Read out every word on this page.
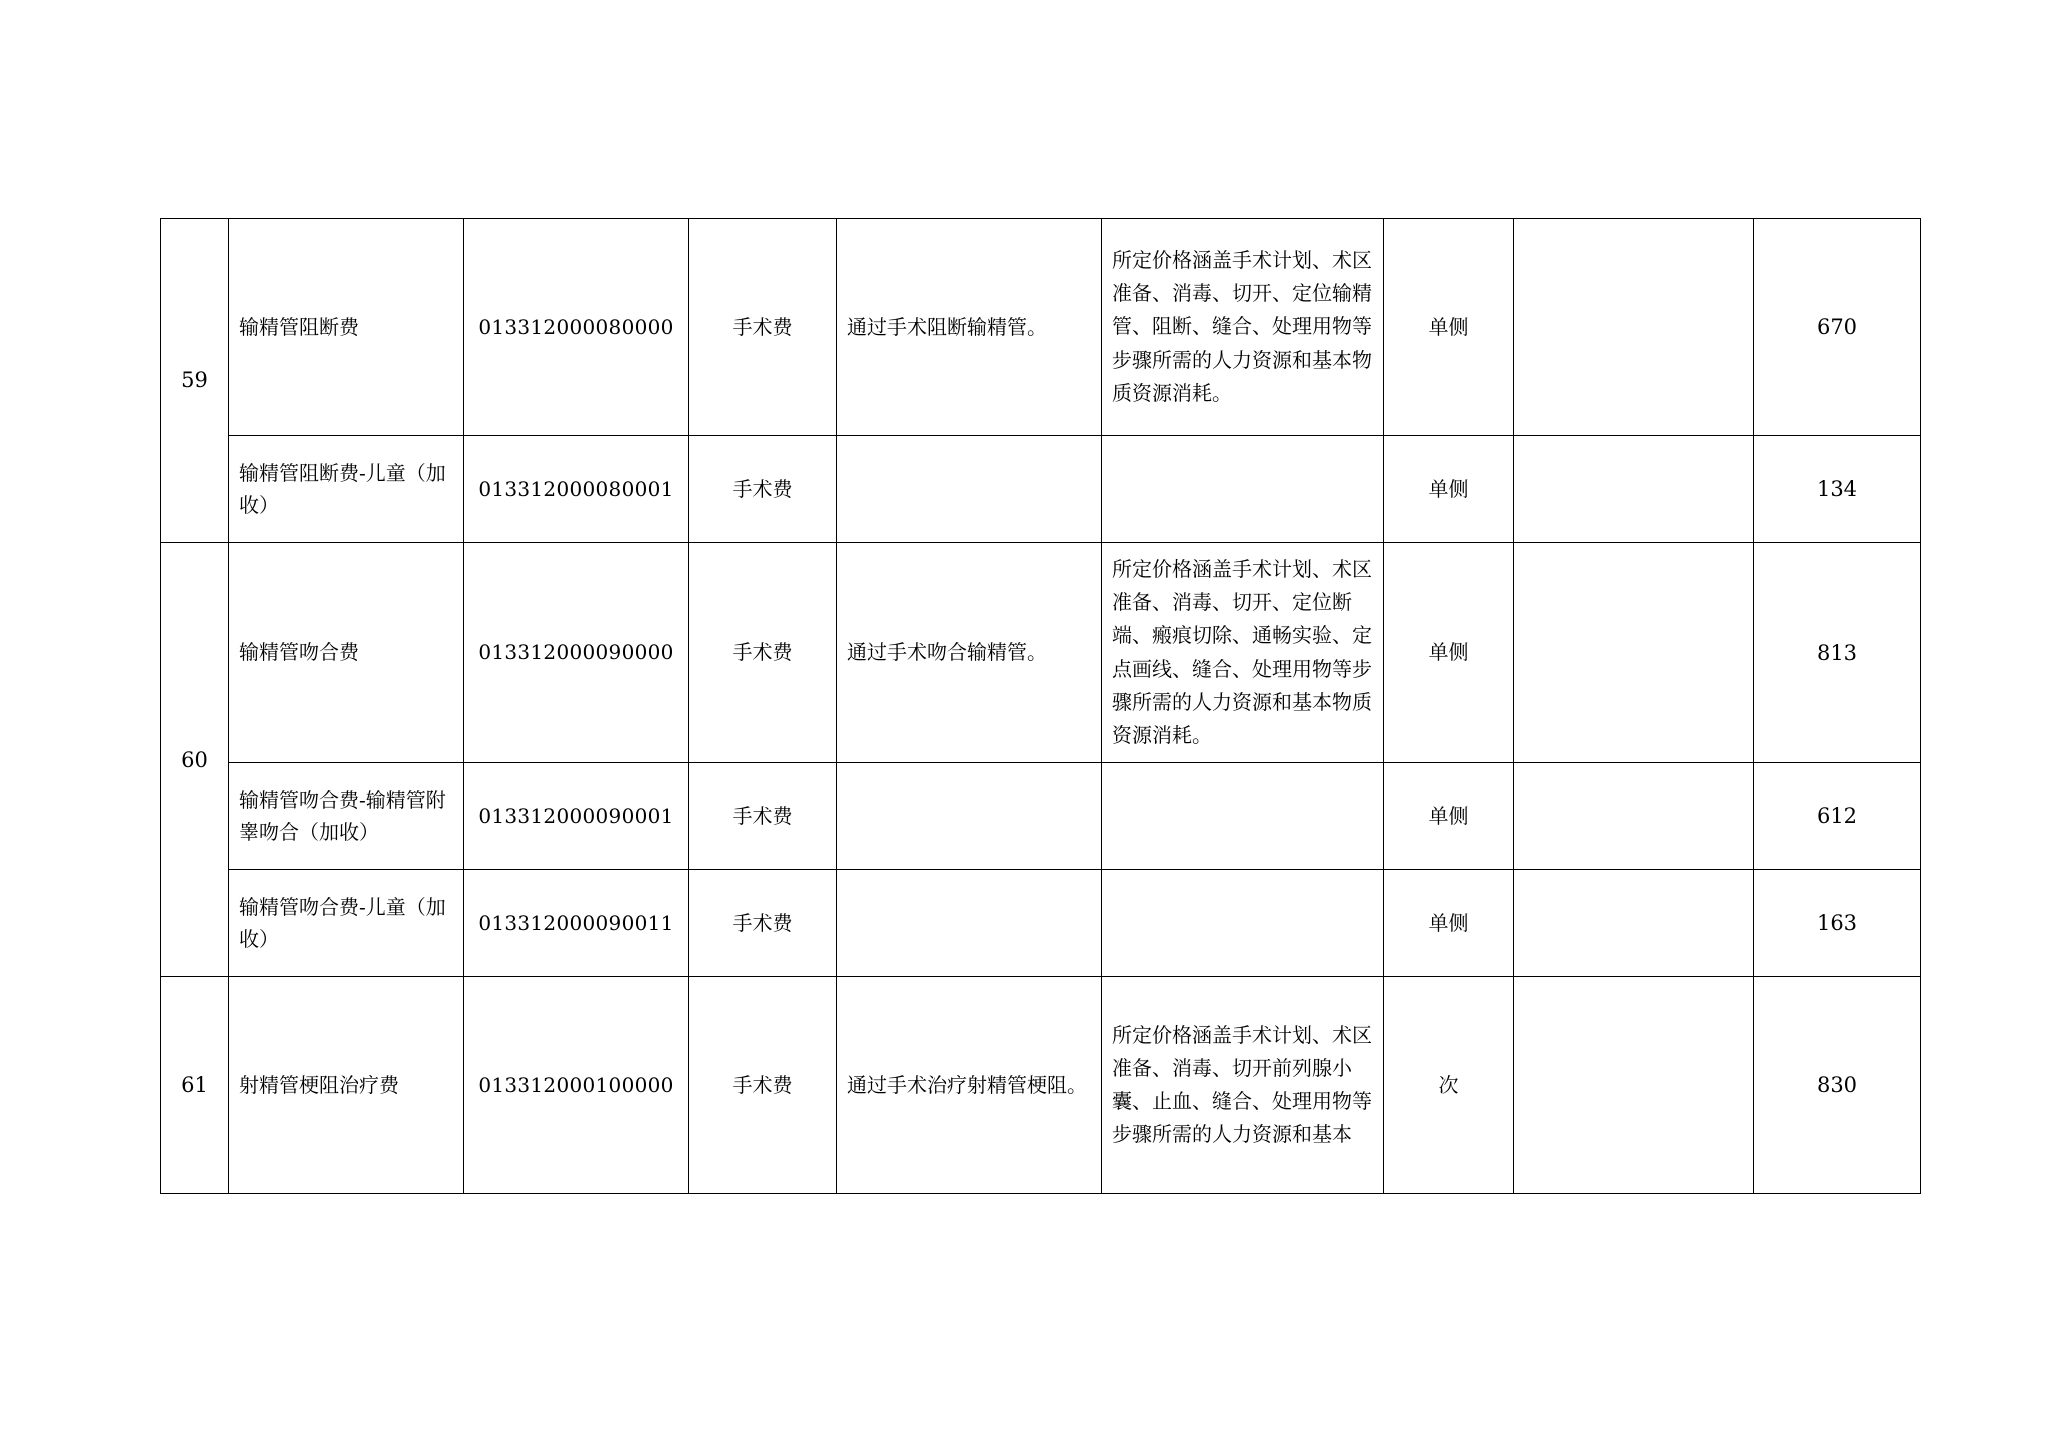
59	输精管阻断费	013312000080000	手术费	通过手术阻断输精管。	所定价格涵盖手术计划、术区准备、消毒、切开、定位输精管、阻断、缝合、处理用物等步骤所需的人力资源和基本物质资源消耗。	单侧		670
	输精管阻断费-儿童（加收）	013312000080001	手术费			单侧		134
60	输精管吻合费	013312000090000	手术费	通过手术吻合输精管。	所定价格涵盖手术计划、术区准备、消毒、切开、定位断端、瘢痕切除、通畅实验、定点画线、缝合、处理用物等步骤所需的人力资源和基本物质资源消耗。	单侧		813
	输精管吻合费-输精管附睾吻合（加收）	013312000090001	手术费			单侧		612
	输精管吻合费-儿童（加收）	013312000090011	手术费			单侧		163
61	射精管梗阻治疗费	013312000100000	手术费	通过手术治疗射精管梗阻。	所定价格涵盖手术计划、术区准备、消毒、切开前列腺小囊、止血、缝合、处理用物等步骤所需的人力资源和基本	次		830
